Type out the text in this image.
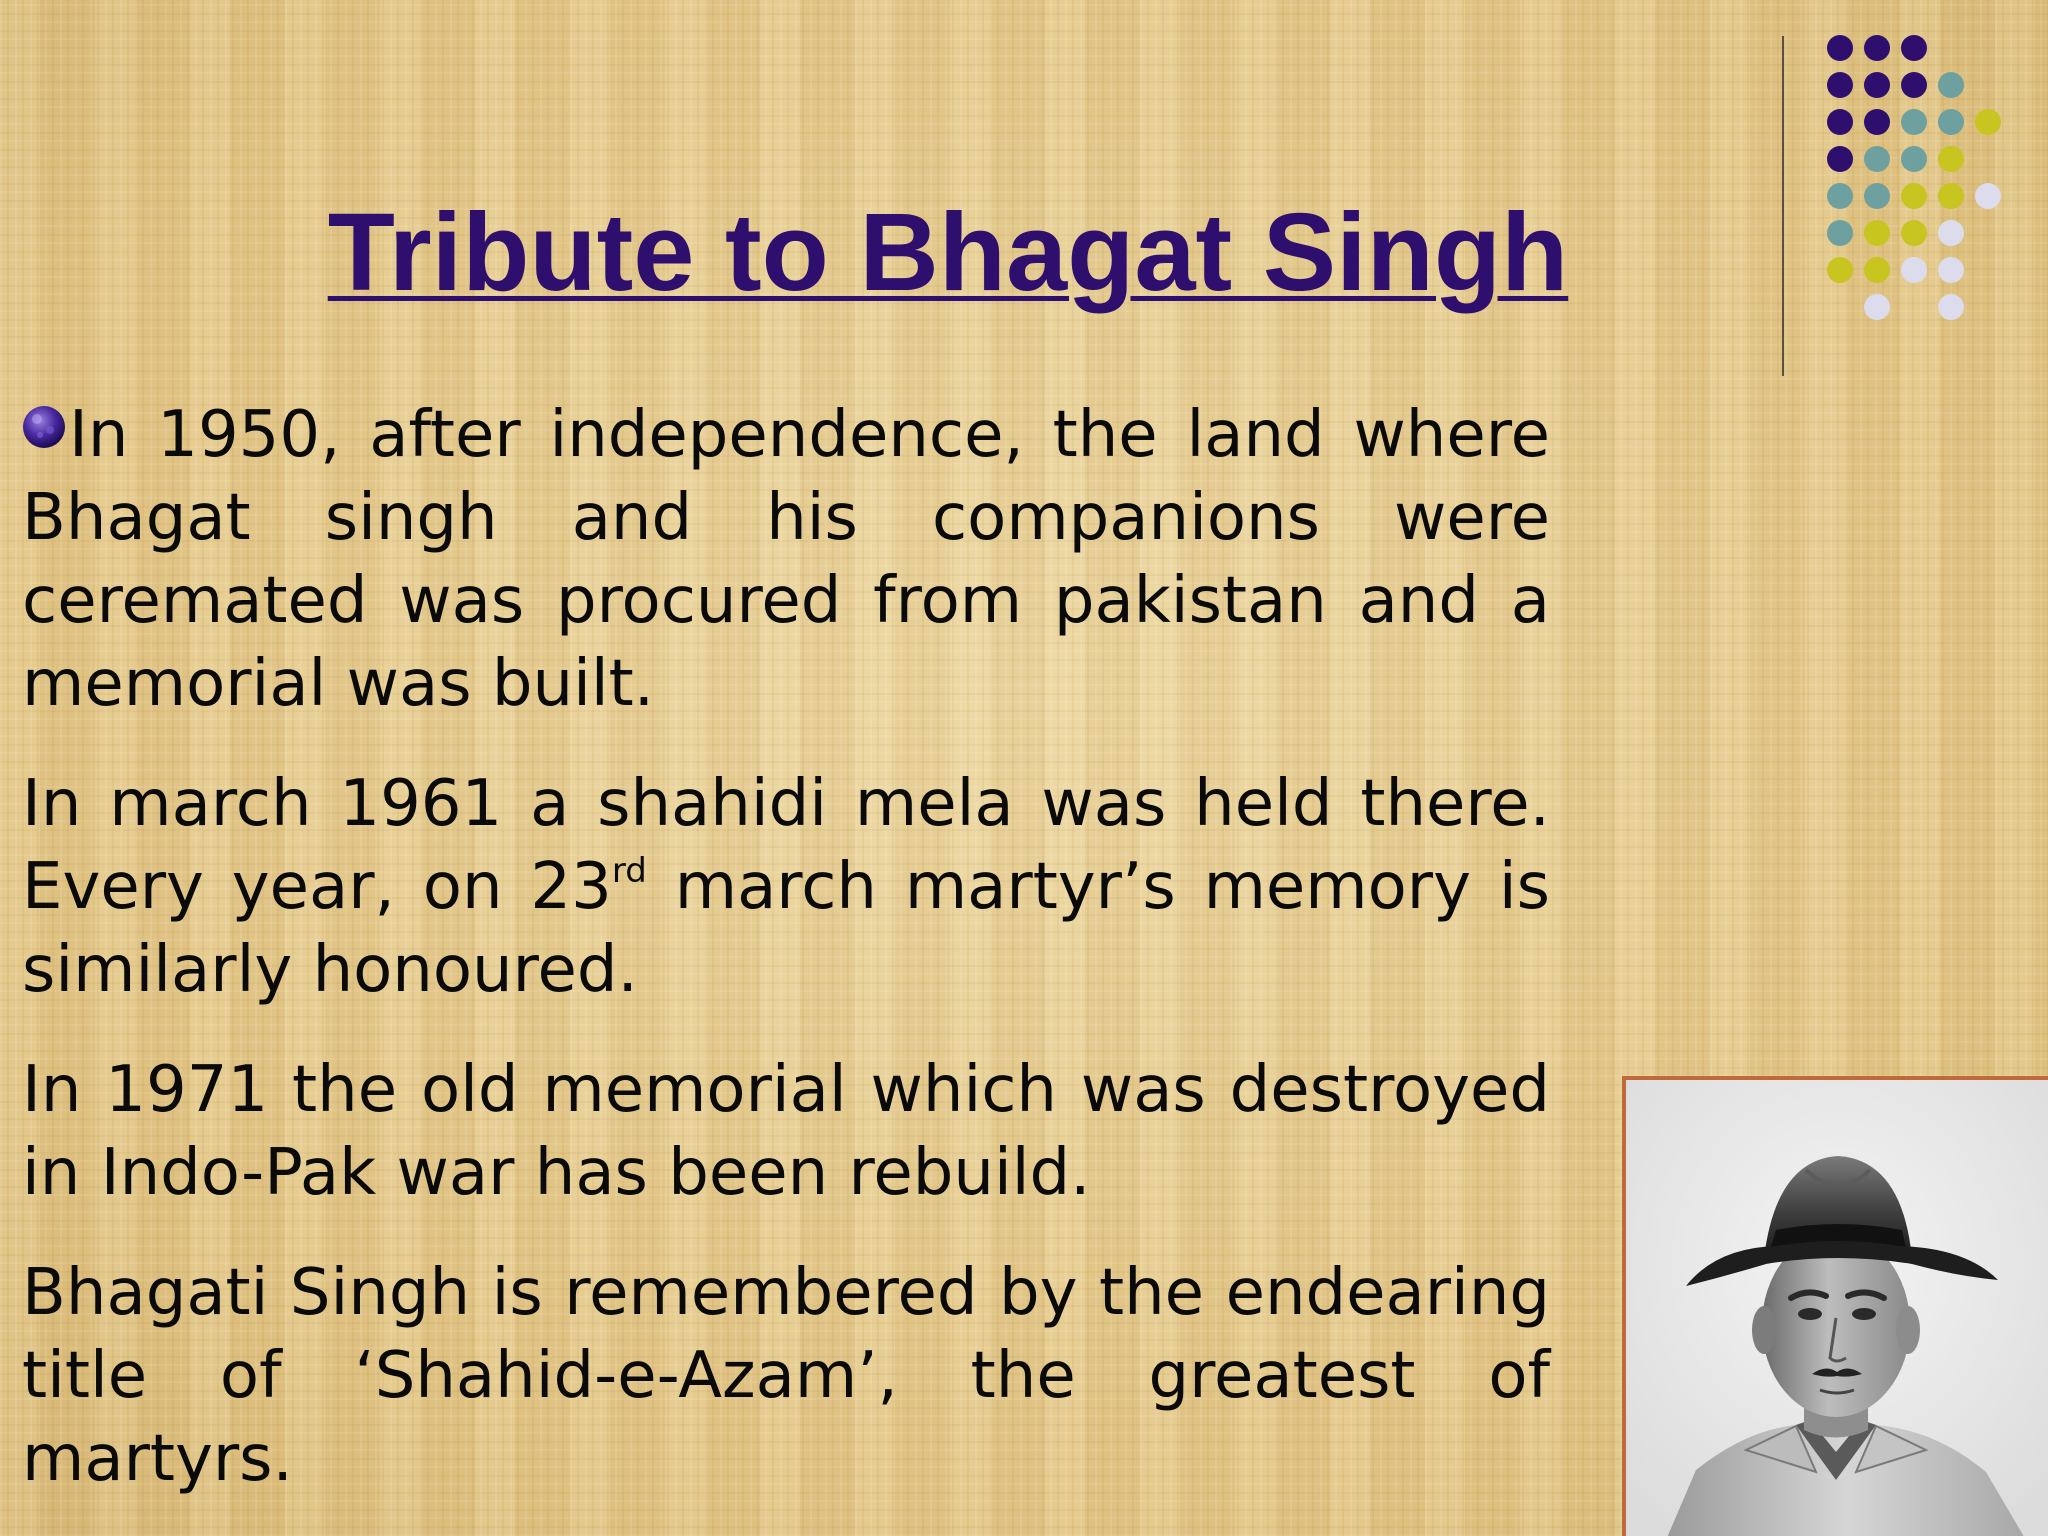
Tribute to Bhagat Singh

In 1950, after independence, the land where Bhagat singh and his companions were ceremated was procured from pakistan and a memorial was built.

In march 1961 a shahidi mela was held there. Every year, on 23rd march martyr’s memory is similarly honoured.

In 1971 the old memorial which was destroyed in Indo-Pak war has been rebuild.

Bhagati Singh is remembered by the endearing title of ‘Shahid-e-Azam’, the greatest of martyrs.
